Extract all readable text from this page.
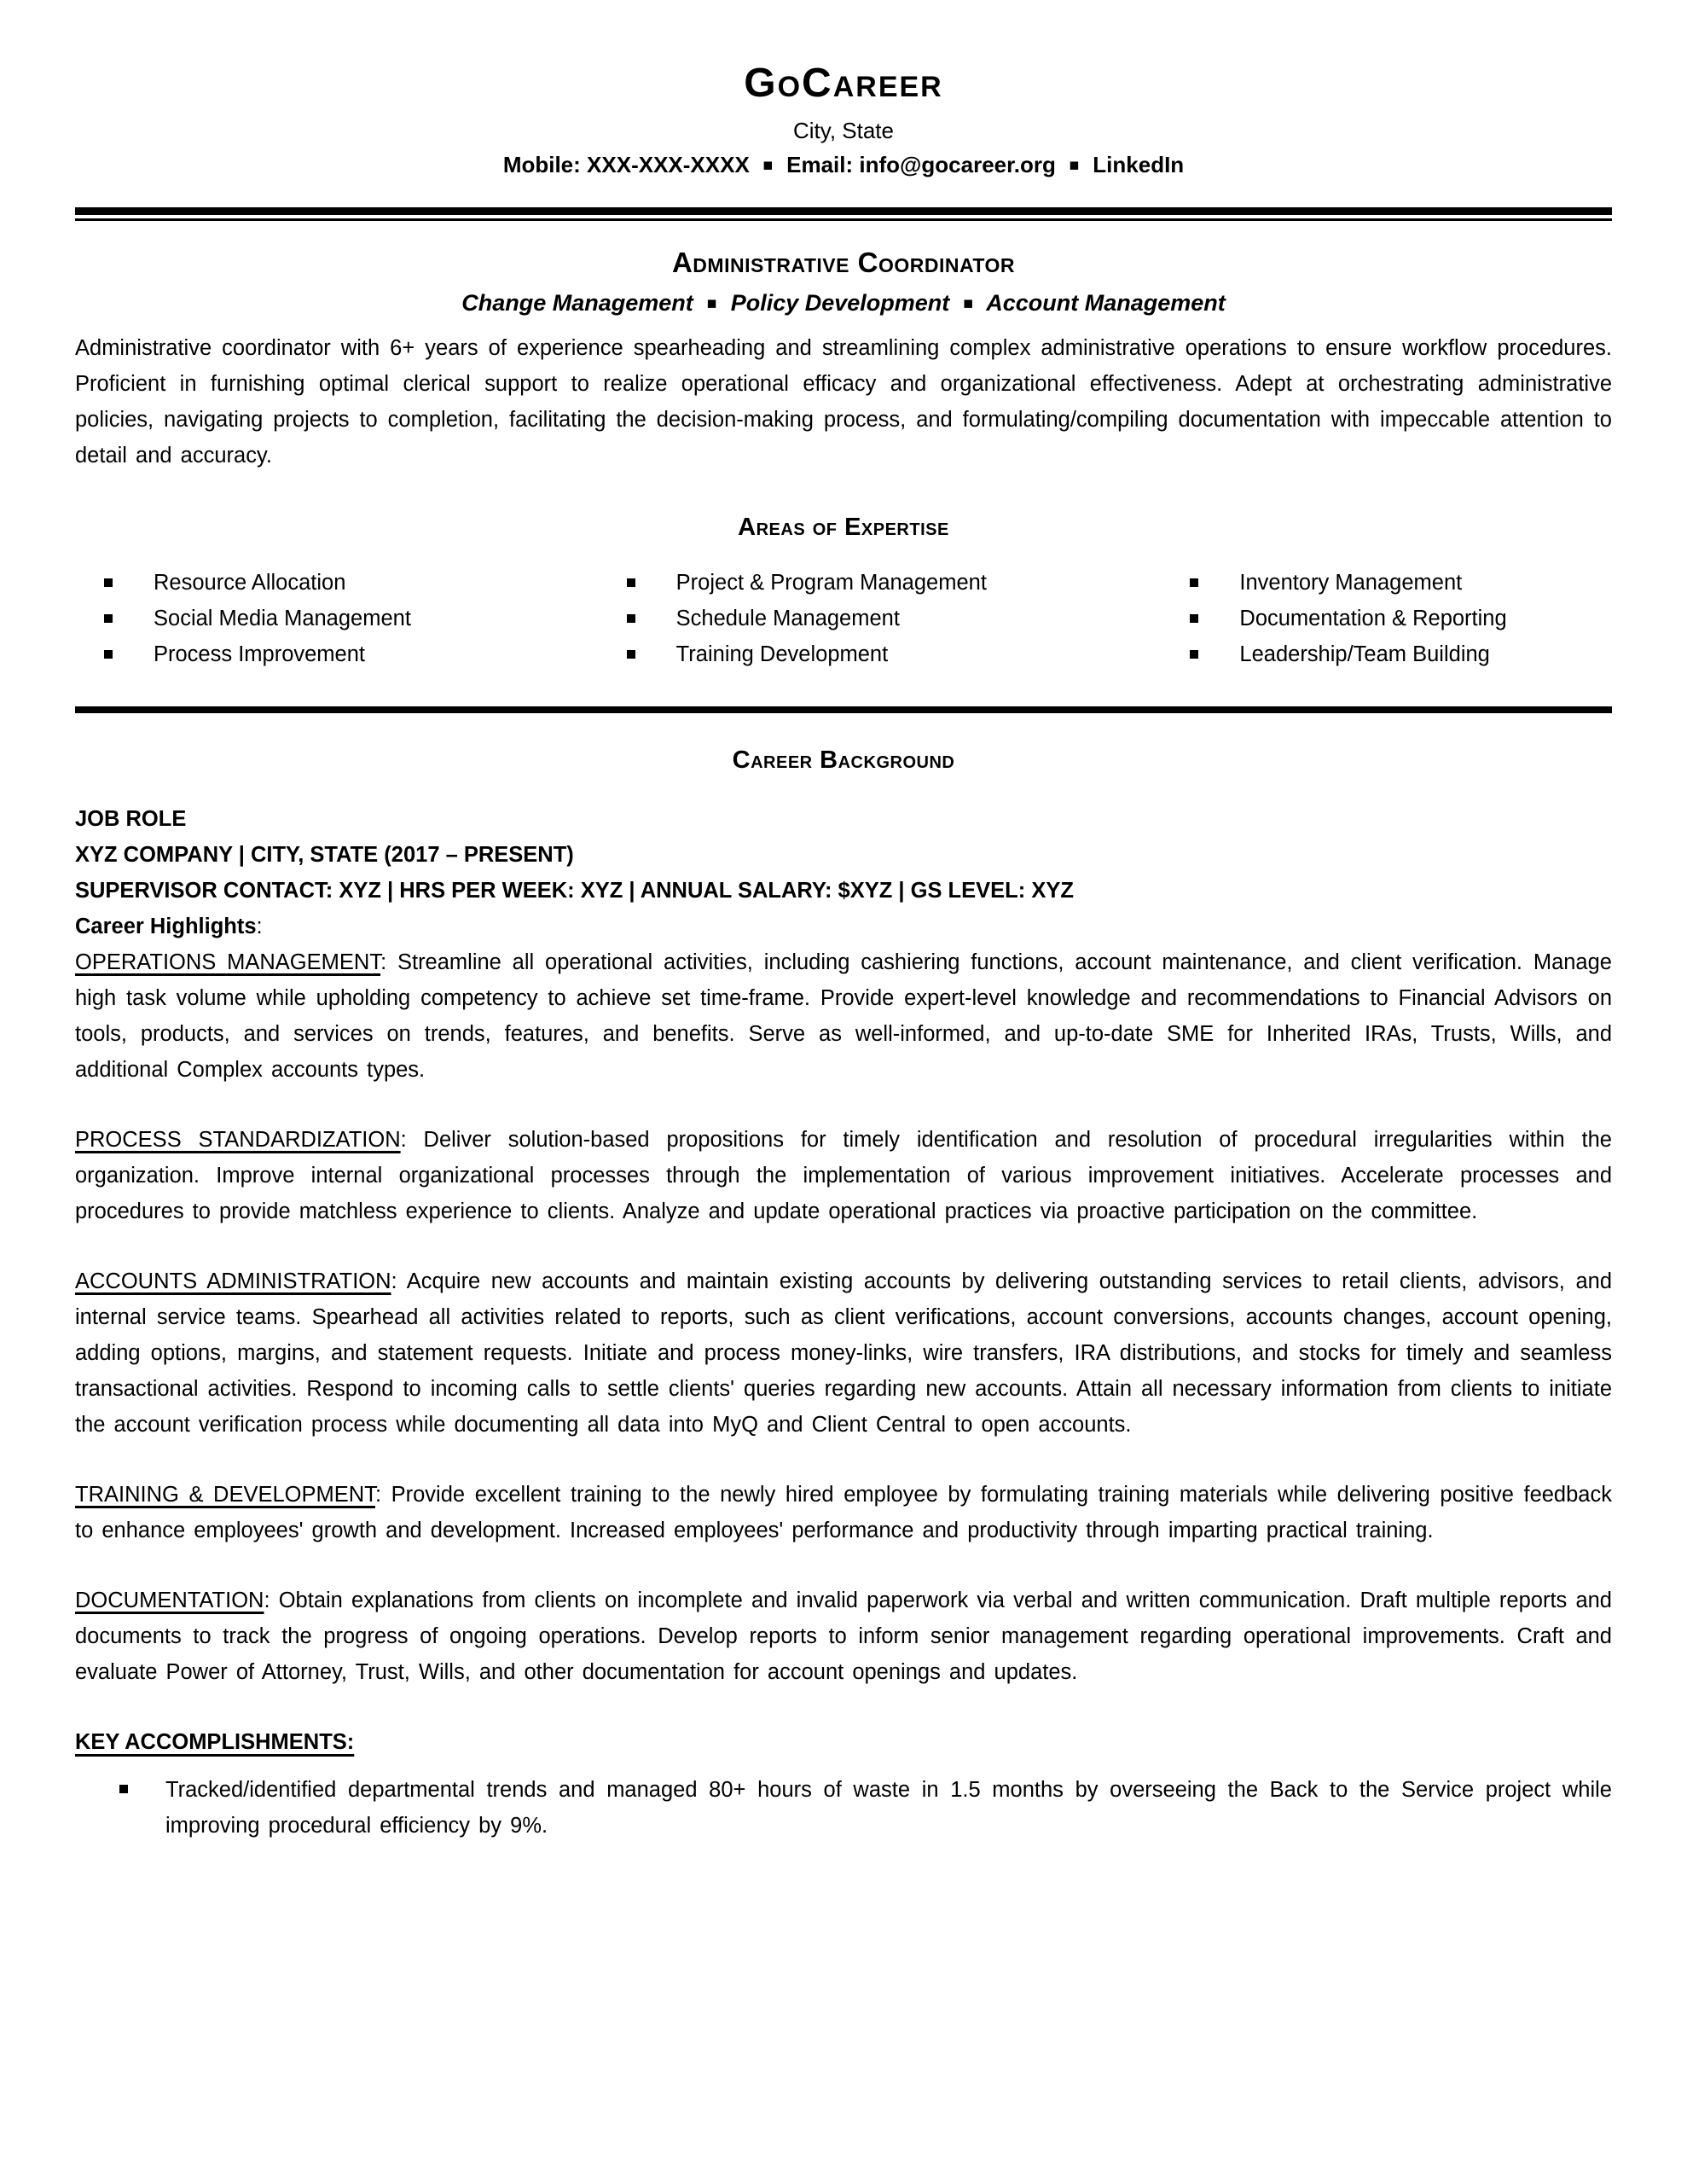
GoCareer
City, State
Mobile: XXX-XXX-XXXX ▪ Email: info@gocareer.org ▪ LinkedIn
Administrative Coordinator
Change Management ▪ Policy Development ▪ Account Management

Administrative coordinator with 6+ years of experience spearheading and streamlining complex administrative operations to ensure workflow procedures. Proficient in furnishing optimal clerical support to realize operational efficacy and organizational effectiveness. Adept at orchestrating administrative policies, navigating projects to completion, facilitating the decision-making process, and formulating/compiling documentation with impeccable attention to detail and accuracy.

Areas of Expertise
Resource Allocation
Social Media Management
Process Improvement
Project & Program Management
Schedule Management
Training Development
Inventory Management
Documentation & Reporting
Leadership/Team Building
Career Background
JOB ROLE
XYZ COMPANY | CITY, STATE (2017 – PRESENT)
SUPERVISOR CONTACT: XYZ | HRS PER WEEK: XYZ | ANNUAL SALARY: $XYZ | GS LEVEL: XYZ
Career Highlights:

OPERATIONS MANAGEMENT: Streamline all operational activities, including cashiering functions, account maintenance, and client verification. Manage high task volume while upholding competency to achieve set time-frame. Provide expert-level knowledge and recommendations to Financial Advisors on tools, products, and services on trends, features, and benefits. Serve as well-informed, and up-to-date SME for Inherited IRAs, Trusts, Wills, and additional Complex accounts types.

PROCESS STANDARDIZATION: Deliver solution-based propositions for timely identification and resolution of procedural irregularities within the organization. Improve internal organizational processes through the implementation of various improvement initiatives. Accelerate processes and procedures to provide matchless experience to clients. Analyze and update operational practices via proactive participation on the committee.

ACCOUNTS ADMINISTRATION: Acquire new accounts and maintain existing accounts by delivering outstanding services to retail clients, advisors, and internal service teams. Spearhead all activities related to reports, such as client verifications, account conversions, accounts changes, account opening, adding options, margins, and statement requests. Initiate and process money-links, wire transfers, IRA distributions, and stocks for timely and seamless transactional activities. Respond to incoming calls to settle clients' queries regarding new accounts. Attain all necessary information from clients to initiate the account verification process while documenting all data into MyQ and Client Central to open accounts.

TRAINING & DEVELOPMENT: Provide excellent training to the newly hired employee by formulating training materials while delivering positive feedback to enhance employees' growth and development. Increased employees' performance and productivity through imparting practical training.

DOCUMENTATION: Obtain explanations from clients on incomplete and invalid paperwork via verbal and written communication. Draft multiple reports and documents to track the progress of ongoing operations. Develop reports to inform senior management regarding operational improvements. Craft and evaluate Power of Attorney, Trust, Wills, and other documentation for account openings and updates.

KEY ACCOMPLISHMENTS:

Tracked/identified departmental trends and managed 80+ hours of waste in 1.5 months by overseeing the Back to the Service project while improving procedural efficiency by 9%.
